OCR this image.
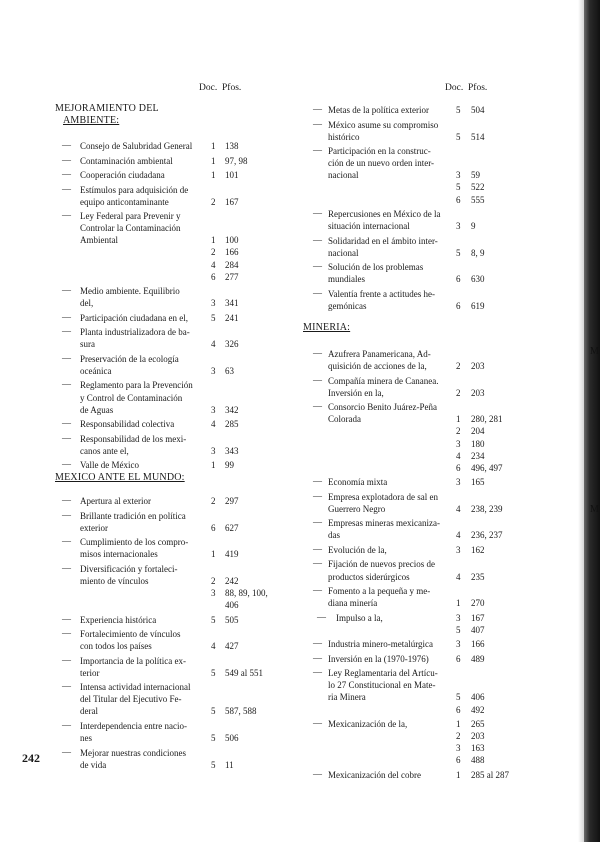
M
M
Doc. Pfos.	Doc. Pfos.
MEJORAMIENTO DEL
AMBIENTE:
— Consejo de Salubridad General 1 138
— Contaminación ambiental	1 97, 98
— Cooperación ciudadana	1 101
— Estímulos para adquisición de
equipo anticontaminante	2 167
— Ley Federal para Prevenir y
Controlar la Contaminación
Ambiental	1 100
2 166
4 284
6 277
— Medio ambiente. Equilibrio
del,	3 341
— Participación ciudadana en el,	5 241
— Planta industrializadora de ba-
sura	4 326
— Preservación de la ecología
oceánica	3 63
— Reglamento para la Prevención
y Control de Contaminación
de Aguas	3 342
— Responsabilidad colectiva	4 285
— Responsabilidad de los mexi-
canos ante el,	3 343
— Valle de México	1 99
MEXICO ANTE EL MUNDO:
— Apertura al exterior	2 297
— Brillante tradición en política
exterior	6 627
— Cumplimiento de los compro-
misos internacionales	1 419
— Diversificación y fortaleci-
miento de vínculos	2 242
3 88, 89, 100,
406
— Experiencia histórica	5 505
— Fortalecimiento de vínculos
con todos los países	4 427
— Importancia de la política ex-
terior	5 549 al 551
— Intensa actividad internacional
del Titular del Ejecutivo Fe-
deral	5 587, 588
— Interdependencia entre nacio-
nes	5 506
— Mejorar nuestras condiciones
de vida	5 11
— Metas de la política exterior	5 504
— México asume su compromiso
histórico	5 514
— Participación en la construc-
ción de un nuevo orden inter-
nacional	3 59
5 522
6 555
— Repercusiones en México de la
situación internacional	3 9
— Solidaridad en el ámbito inter-
nacional	5 8, 9
— Solución de los problemas
mundiales	6 630
— Valentía frente a actitudes he-
gemónicas	6 619
MINERIA:
— Azufrera Panamericana, Ad-
quisición de acciones de la,	2 203
— Compañía minera de Cananea.
Inversión en la,	2 203
— Consorcio Benito Juárez-Peña
Colorada	1 280, 281
2 204
3 180
4 234
6 496, 497
— Economía mixta	3 165
— Empresa explotadora de sal en
Guerrero Negro	4 238, 239
— Empresas mineras mexicaniza-
das	4 236, 237
— Evolución de la,	3 162
— Fijación de nuevos precios de
productos siderúrgicos	4 235
— Fomento a la pequeña y me-
diana minería	1 270
— Impulso a la,	3 167
5 407
— Industria minero-metalúrgica	3 166
— Inversión en la (1970-1976)	6 489
— Ley Reglamentaria del Artícu-
lo 27 Constitucional en Mate-
ria Minera	5 406
6 492
— Mexicanización de la,	1 265
2 203
3 163
6 488
— Mexicanización del cobre	1 285 al 287
242
